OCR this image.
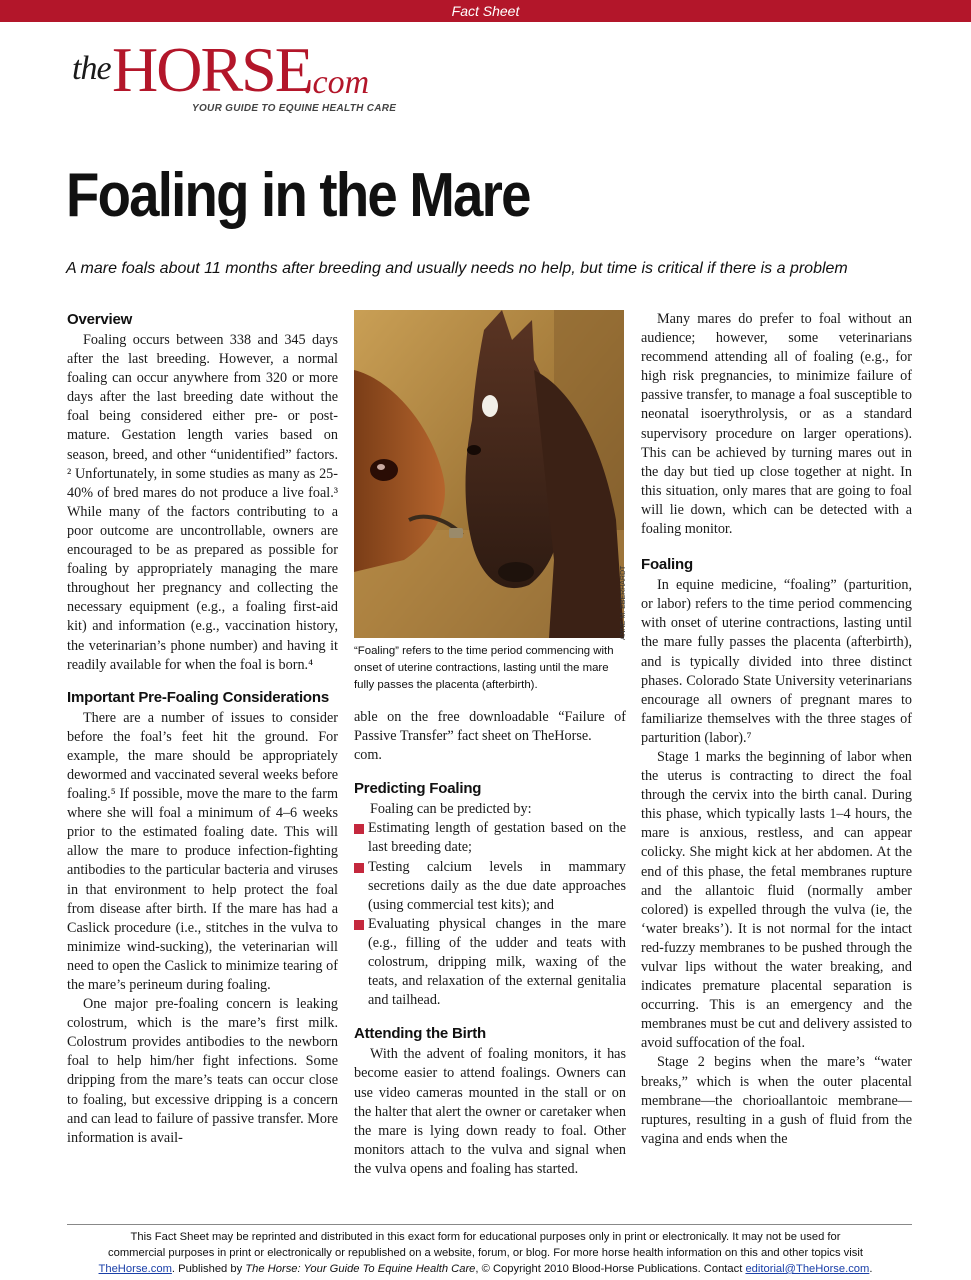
Fact Sheet
the HORSE
.com
YOUR GUIDE TO EQUINE HEALTH CARE
Foaling in the Mare
A mare foals about 11 months after breeding and usually needs no help, but time is critical if there is a problem
Overview

Foaling occurs between 338 and 345 days after the last breeding. However, a normal foaling can occur anywhere from 320 or more days after the last breeding date without the foal being considered either pre- or post-mature. Gestation length varies based on season, breed, and other “unidentified” factors. ² Unfortunately, in some studies as many as 25-40% of bred mares do not produce a live foal.³ While many of the factors contributing to a poor outcome are uncontrollable, owners are encouraged to be as prepared as possible for foaling by appropriately managing the mare throughout her pregnancy and collecting the necessary equipment (e.g., a foaling first-aid kit) and information (e.g., vaccination history, the veterinarian’s phone number) and having it readily available for when the foal is born.⁴

Important Pre-Foaling Considerations

There are a number of issues to consider before the foal’s feet hit the ground. For example, the mare should be appropriately dewormed and vaccinated several weeks before foaling.⁵ If possible, move the mare to the farm where she will foal a minimum of 4–6 weeks prior to the estimated foaling date. This will allow the mare to produce infection-fighting antibodies to the particular bacteria and viruses in that environment to help protect the foal from disease after birth. If the mare has had a Caslick procedure (i.e., stitches in the vulva to minimize wind-sucking), the veterinarian will need to open the Caslick to minimize tearing of the mare’s perineum during foaling.

One major pre-foaling concern is leaking colostrum, which is the mare’s first milk. Colostrum provides antibodies to the newborn foal to help him/her fight infections. Some dripping from the mare’s teats can occur close to foaling, but excessive dripping is a concern and can lead to failure of passive transfer. More information is avail-

ANNE M. EBERHARDT
“Foaling” refers to the time period commencing with onset of uterine contractions, lasting until the mare fully passes the placenta (afterbirth).

able on the free downloadable “Failure of Passive Transfer” fact sheet on TheHorse.
com.

Predicting Foaling

Foaling can be predicted by:

Estimating length of gestation based on the last breeding date;
Testing calcium levels in mammary secretions daily as the due date approaches (using commercial test kits); and
Evaluating physical changes in the mare (e.g., filling of the udder and teats with colostrum, dripping milk, waxing of the teats, and relaxation of the external genitalia and tailhead.
Attending the Birth

With the advent of foaling monitors, it has become easier to attend foalings. Owners can use video cameras mounted in the stall or on the halter that alert the owner or caretaker when the mare is lying down ready to foal. Other monitors attach to the vulva and signal when the vulva opens and foaling has started.

Many mares do prefer to foal without an audience; however, some veterinarians recommend attending all of foaling (e.g., for high risk pregnancies, to minimize failure of passive transfer, to manage a foal susceptible to neonatal isoerythrolysis, or as a standard supervisory procedure on larger operations). This can be achieved by turning mares out in the day but tied up close together at night. In this situation, only mares that are going to foal will lie down, which can be detected with a foaling monitor.

Foaling

In equine medicine, “foaling” (parturition, or labor) refers to the time period commencing with onset of uterine contractions, lasting until the mare fully passes the placenta (afterbirth), and is typically divided into three distinct phases. Colorado State University veterinarians encourage all owners of pregnant mares to familiarize themselves with the three stages of parturition (labor).⁷

Stage 1 marks the beginning of labor when the uterus is contracting to direct the foal through the cervix into the birth canal. During this phase, which typically lasts 1–4 hours, the mare is anxious, restless, and can appear colicky. She might kick at her abdomen. At the end of this phase, the fetal membranes rupture and the allantoic fluid (normally amber colored) is expelled through the vulva (ie, the ‘water breaks’). It is not normal for the intact red-fuzzy membranes to be pushed through the vulvar lips without the water breaking, and indicates premature placental separation is occurring. This is an emergency and the membranes must be cut and delivery assisted to avoid suffocation of the foal.

Stage 2 begins when the mare’s “water breaks,” which is when the outer placental membrane—the chorioallantoic membrane—ruptures, resulting in a gush of fluid from the vagina and ends when the

This Fact Sheet may be reprinted and distributed in this exact form for educational purposes only in print or electronically. It may not be used for
commercial purposes in print or electronically or republished on a website, forum, or blog. For more horse health information on this and other topics visit
TheHorse.com. Published by The Horse: Your Guide To Equine Health Care, © Copyright 2010 Blood-Horse Publications. Contact editorial@TheHorse.com.
